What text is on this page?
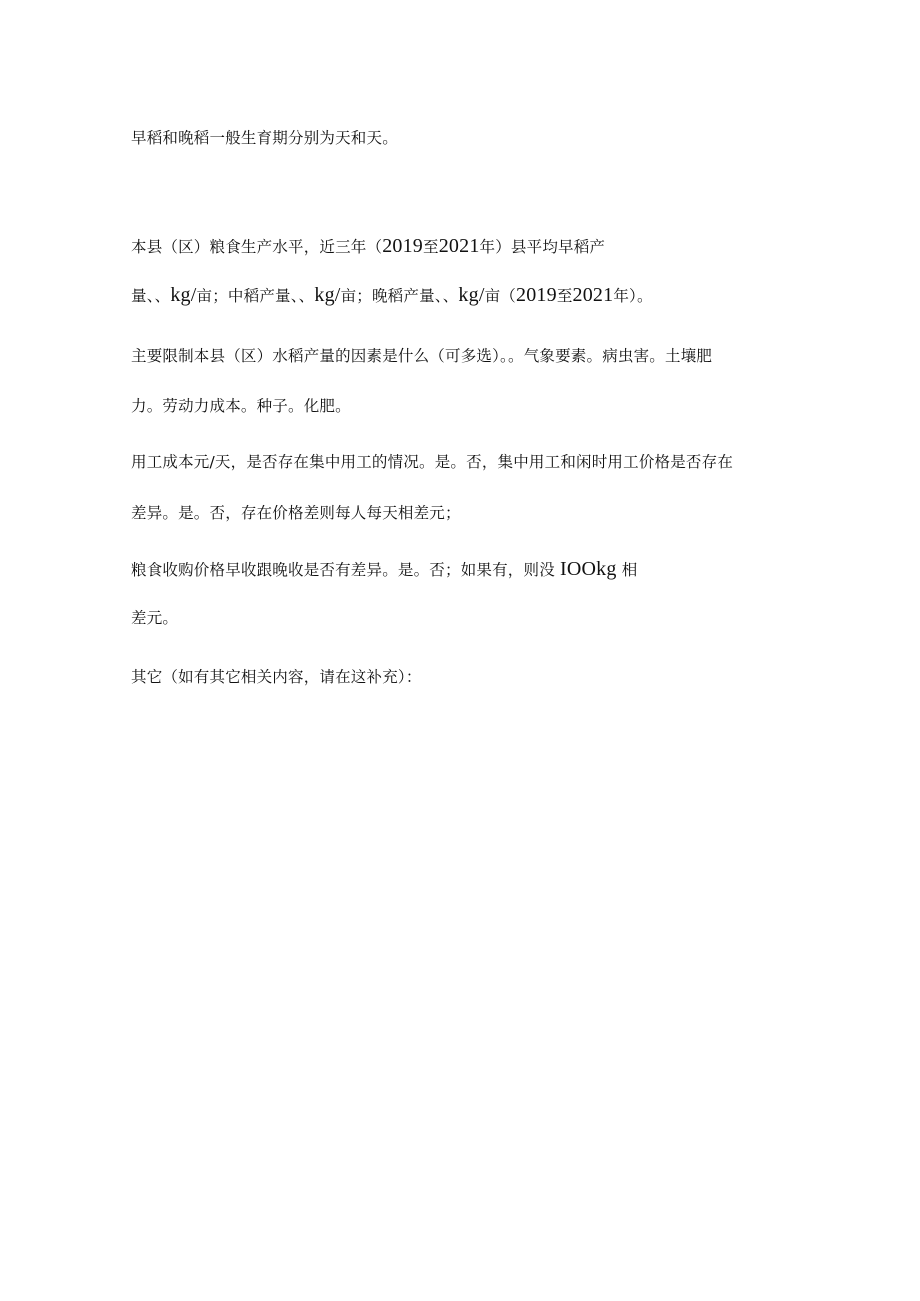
早稻和晚稻一般生育期分别为天和天。
本县（区）粮食生产水平，近三年（2019至2021年）县平均早稻产
量、、kg/亩；中稻产量、、kg/亩；晚稻产量、、kg/亩（2019至2021年）。
主要限制本县（区）水稻产量的因素是什么（可多选）。。气象要素。病虫害。土壤肥
力。劳动力成本。种子。化肥。
用工成本元/天，是否存在集中用工的情况。是。否，集中用工和闲时用工价格是否存在
差异。是。否，存在价格差则每人每天相差元；
粮食收购价格早收跟晚收是否有差异。是。否；如果有，则没 IOOkg 相
差元。
其它（如有其它相关内容，请在这补充）：
